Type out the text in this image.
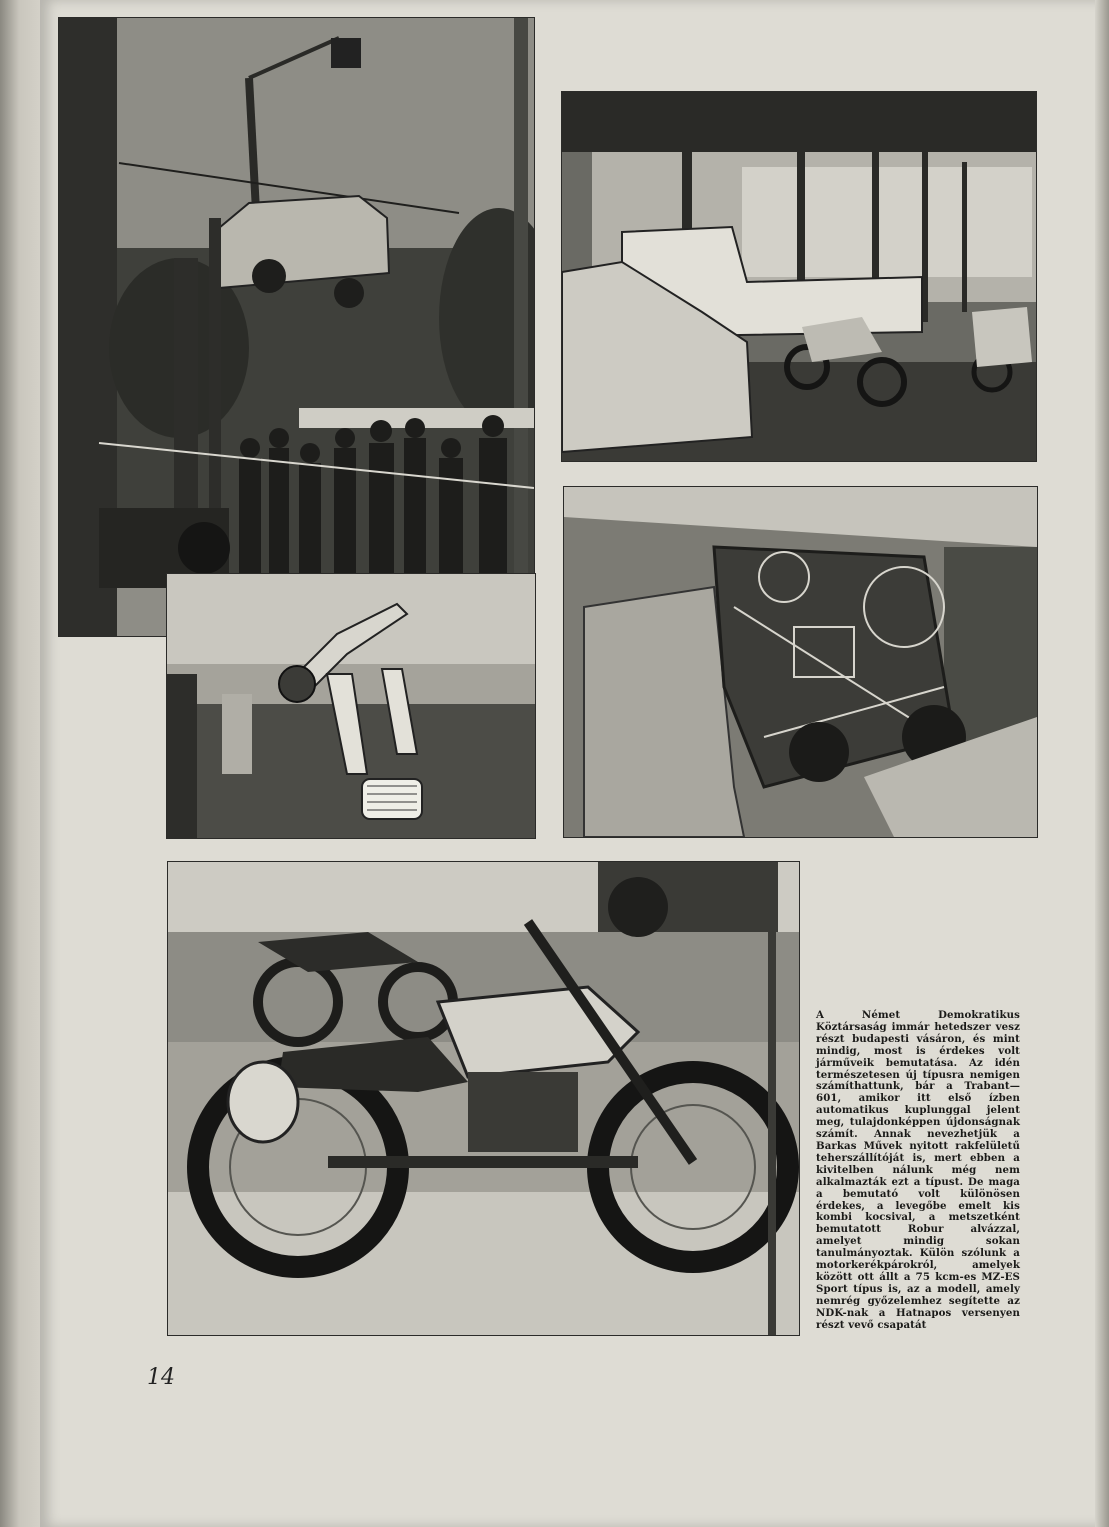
A Német Demokratikus Köztársaság immár hetedszer vesz részt budapesti vásáron, és mint mindig, most is érdekes volt járműveik bemutatása. Az idén természetesen új típusra nemigen számíthattunk, bár a Trabant—601, amikor itt első ízben automatikus kuplunggal jelent meg, tulajdonképpen újdonságnak számít. Annak nevezhetjük a Barkas Művek nyitott rakfelületű teherszállítóját is, mert ebben a kivitelben nálunk még nem alkalmazták ezt a típust. De maga a bemutató volt különösen érdekes, a levegőbe emelt kis kombi kocsival, a metszetként bemutatott Robur alvázzal, amelyet mindig sokan tanulmányoztak. Külön szólunk a motorkerékpárokról, amelyek között ott állt a 75 kcm-es MZ-ES Sport típus is, az a modell, amely nemrég győzelemhez segítette az NDK-nak a Hatnapos versenyen részt vevő csapatát
14
